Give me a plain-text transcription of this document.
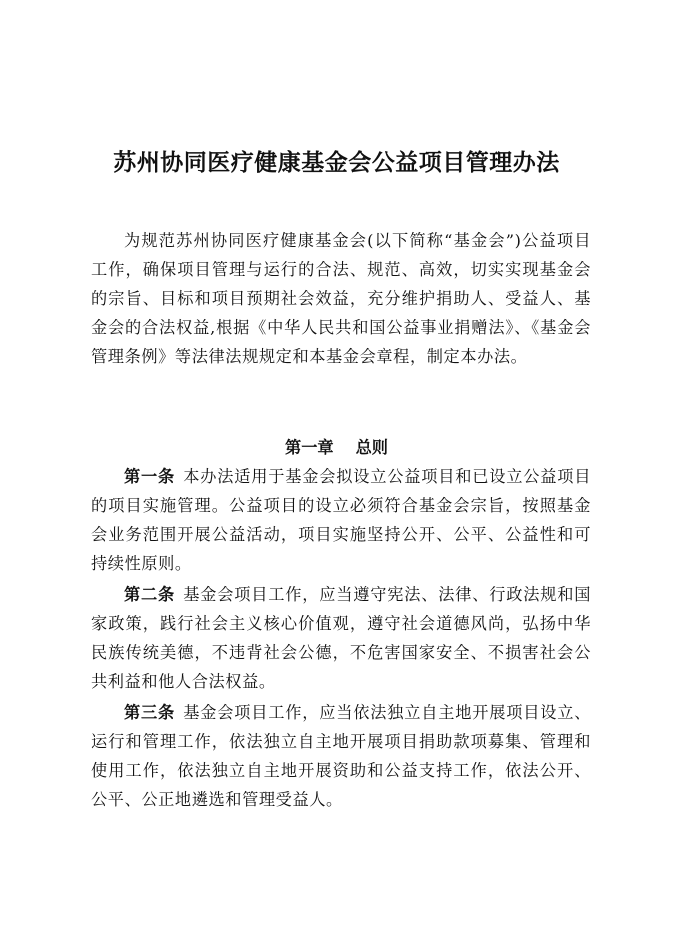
苏州协同医疗健康基金会公益项目管理办法

为规范苏州协同医疗健康基金会(以下简称“基金会”)公益项目工作，确保项目管理与运行的合法、规范、高效，切实实现基金会的宗旨、目标和项目预期社会效益，充分维护捐助人、受益人、基金会的合法权益,根据《中华人民共和国公益事业捐赠法》、《基金会管理条例》等法律法规规定和本基金会章程，制定本办法。

第一章 总则

第一条 本办法适用于基金会拟设立公益项目和已设立公益项目的项目实施管理。公益项目的设立必须符合基金会宗旨，按照基金会业务范围开展公益活动，项目实施坚持公开、公平、公益性和可持续性原则。

第二条 基金会项目工作，应当遵守宪法、法律、行政法规和国家政策，践行社会主义核心价值观，遵守社会道德风尚，弘扬中华民族传统美德，不违背社会公德，不危害国家安全、不损害社会公共利益和他人合法权益。

第三条 基金会项目工作，应当依法独立自主地开展项目设立、运行和管理工作，依法独立自主地开展项目捐助款项募集、管理和使用工作，依法独立自主地开展资助和公益支持工作，依法公开、公平、公正地遴选和管理受益人。
